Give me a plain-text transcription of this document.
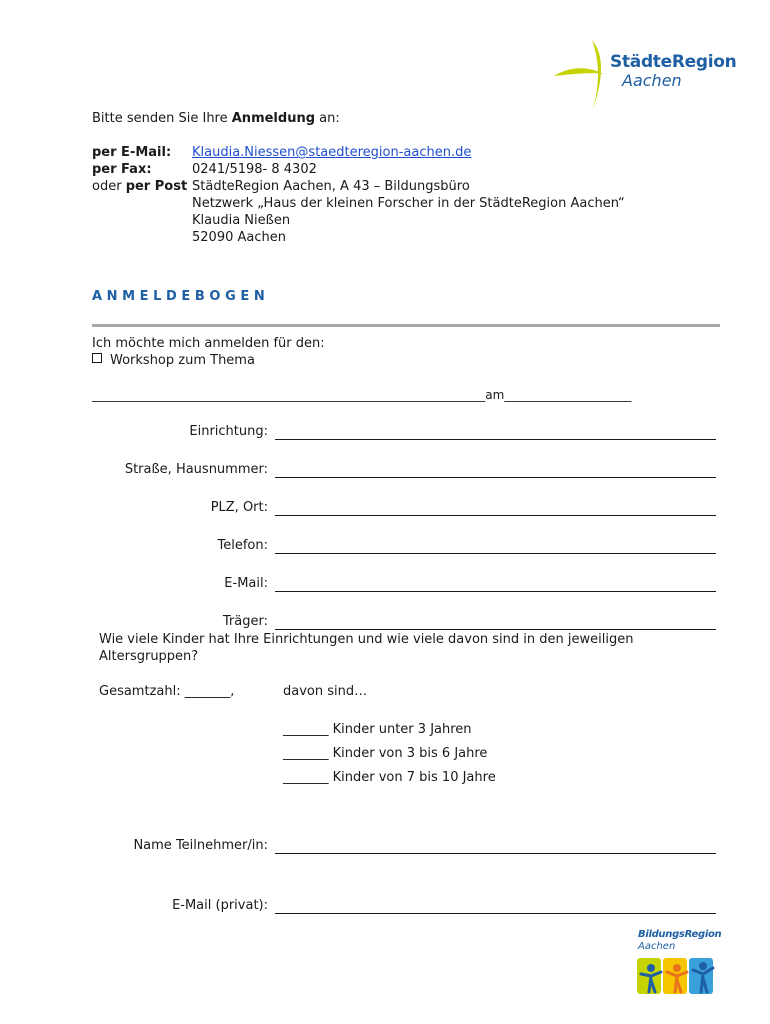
StädteRegion
Aachen
Bitte senden Sie Ihre Anmeldung an:
per E-Mail: Klaudia.Niessen@staedteregion-aachen.de
per Fax:	0241/5198- 8 4302
oder per Post StädteRegion Aachen, A 43 – Bildungsbüro
Netzwerk „Haus der kleinen Forscher in der StädteRegion Aachen“
Klaudia Nießen
52090 Aachen
ANMELDEBOGEN
Ich möchte mich anmelden für den:
Workshop zum Thema
_________________________________________________________________am_____________________
Einrichtung:
Straße, Hausnummer:
PLZ, Ort:
Telefon:
E-Mail:
Träger:
Wie viele Kinder hat Ihre Einrichtungen und wie viele davon sind in den jeweiligen
Altersgruppen?
Gesamtzahl: _______,	davon sind…
_______ Kinder unter 3 Jahren
_______ Kinder von 3 bis 6 Jahre
_______ Kinder von 7 bis 10 Jahre
Name Teilnehmer/in:
E-Mail (privat):
BildungsRegion
Aachen
